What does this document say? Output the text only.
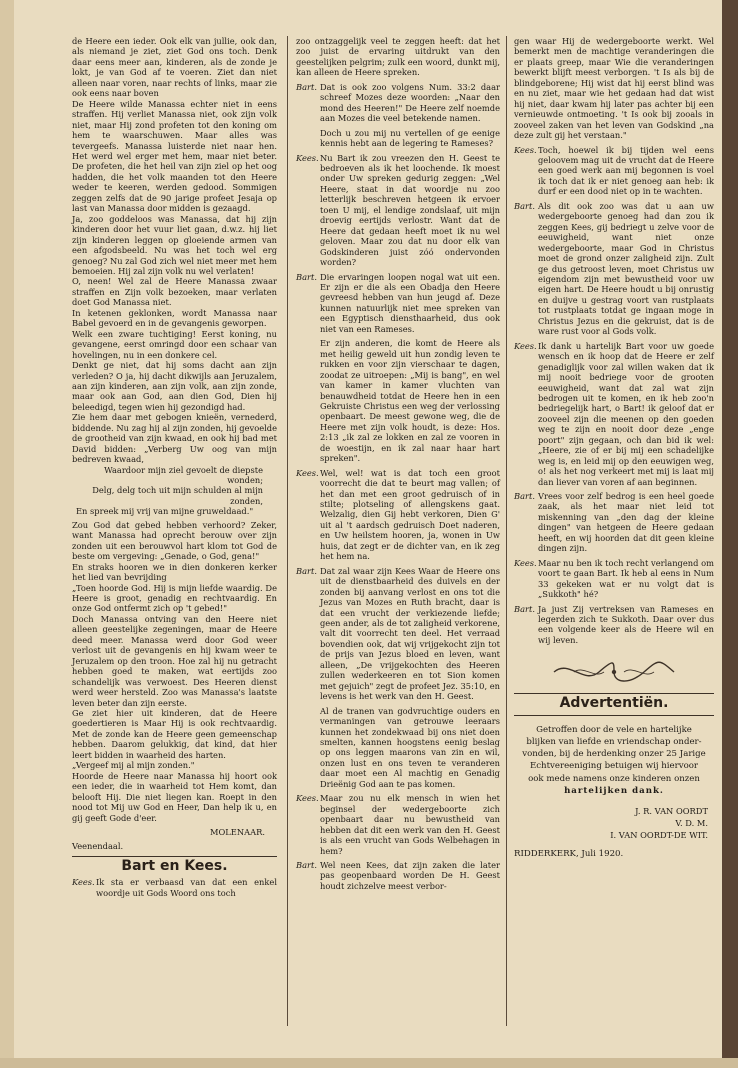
de Heere een ieder. Ook elk van jullie, ook dan, als niemand je ziet, ziet God ons toch. Denk daar eens meer aan, kinderen, als de zonde je lokt, je van God af te voeren. Ziet dan niet alleen naar voren, naar rechts of links, maar zie ook eens naar boven

De Heere wilde Manassa echter niet in eens straffen. Hij verliet Manassa niet, ook zijn volk niet, maar Hij zond profeten tot den koning om hem te waarschuwen. Maar alles was tevergeefs. Manassa luisterde niet naar hen. Het werd wel erger met hem, maar niet beter. De profeten, die het heil van zijn ziel op het oog hadden, die het volk maanden tot den Heere weder te keeren, werden gedood. Sommigen zeggen zelfs dat de 90 jarige profeet Jesaja op last van Manassa door midden is gezaagd.

Ja, zoo goddeloos was Manassa, dat hij zijn kinderen door het vuur liet gaan, d.w.z. hij liet zijn kinderen leggen op gloeiende armen van een afgodsbeeld. Nu was het toch wel erg genoeg? Nu zal God zich wel niet meer met hem bemoeien. Hij zal zijn volk nu wel verlaten!

O, neen! Wel zal de Heere Manassa zwaar straffen en Zijn volk bezoeken, maar verlaten doet God Manassa niet.

In ketenen geklonken, wordt Manassa naar Babel gevoerd en in de gevangenis geworpen.

Welk een zware tuchtiging! Eerst koning, nu gevangene, eerst omringd door een schaar van hovelingen, nu in een donkere cel.

Denkt ge niet, dat hij soms dacht aan zijn verleden? O ja, hij dacht dikwijls aan Jeruzalem, aan zijn kinderen, aan zijn volk, aan zijn zonde, maar ook aan God, aan dien God, Dien hij beleedigd, tegen wien hij gezondigd had.

Zie hem daar met gebogen knieën, vernederd, biddende. Nu zag hij al zijn zonden, hij gevoelde de grootheid van zijn kwaad, en ook hij bad met David bidden: „Verberg Uw oog van mijn bedreven kwaad,

Waardoor mijn ziel gevoelt de diepste wonden;

Delg, delg toch uit mijn schulden al mijn zonden,

En spreek mij vrij van mijne gruweldaad."

Zou God dat gebed hebben verhoord? Zeker, want Manassa had oprecht berouw over zijn zonden uit een berouwvol hart klom tot God de beste om vergeving: „Genade, o God, gena!"

En straks hooren we in dien donkeren kerker het lied van bevrijding

„Toen hoorde God. Hij is mijn liefde waardig. De Heere is groot, genadig en rechtvaardig. En onze God ontfermt zich op 't gebed!"

Doch Manassa ontving van den Heere niet alleen geestelijke zegeningen, maar de Heere deed meer. Manassa werd door God weer verlost uit de gevangenis en hij kwam weer te Jeruzalem op den troon. Hoe zal hij nu getracht hebben goed te maken, wat eertijds zoo schandelijk was verwoest. Des Heeren dienst werd weer hersteld. Zoo was Manassa's laatste leven beter dan zijn eerste.

Ge ziet hier uit kinderen, dat de Heere goedertieren is Maar Hij is ook rechtvaardig. Met de zonde kan de Heere geen gemeenschap hebben. Daarom gelukkig, dat kind, dat hier leert bidden in waarheid des harten.

„Vergeef mij al mijn zonden."

Hoorde de Heere naar Manassa hij hoort ook een ieder, die in waarheid tot Hem komt, dan belooft Hij. Die niet liegen kan. Roept in den nood tot Mij uw God en Heer, Dan help ik u, en gij geeft Gode d'eer.

MOLENAAR.

Veenendaal.

Bart en Kees.
Kees. Ik sta er verbaasd van dat een enkel woordje uit Gods Woord ons toch

zoo ontzaggelijk veel te zeggen heeft: dat het zoo juist de ervaring uitdrukt van den geestelijken pelgrim; zulk een woord, dunkt mij, kan alleen de Heere spreken.

Bart. Dat is ook zoo volgens Num. 33:2 daar schreef Mozes deze woorden: „Naar den mond des Heeren!" De Heere zelf noemde aan Mozes die veel betekende namen.
Doch u zou mij nu vertellen of ge eenige kennis hebt aan de legering te Rameses?
Kees. Nu Bart ik zou vreezen den H. Geest te bedroeven als ik het loochende. Ik moest onder Uw spreken gedurig zeggen: „Wel Heere, staat in dat woordje nu zoo letterlijk beschreven hetgeen ik ervoer toen U mij, el lendige zondslaaf, uit mijn droevig eertijds verlostr. Want dat de Heere dat gedaan heeft moet ik nu wel geloven. Maar zou dat nu door elk van Godskinderen juist zóó ondervonden worden?
Bart. Die ervaringen loopen nogal wat uit een. Er zijn er die als een Obadja den Heere gevreesd hebben van hun jeugd af. Deze kunnen natuurlijk niet mee spreken van een Egyptisch diensthaarheid, dus ook niet van een Rameses.
Er zijn anderen, die komt de Heere als met heilig geweld uit hun zondig leven te rukken en voor zijn vierschaar te dagen, zoodat ze uitroepen: „Mij is bang", en wel van kamer in kamer vluchten van benauwdheid totdat de Heere hen in een Gekruiste Christus een weg der verlossing openbaart. De meest gewone weg, die de Heere met zijn volk houdt, is deze: Hos. 2:13 „ik zal ze lokken en zal ze vooren in de woestijn, en ik zal naar haar hart spreken".
Kees. Wel, wel! wat is dat toch een groot voorrecht die dat te beurt mag vallen; of het dan met een groot gedruisch of in stilte; plotseling of allengskens gaat. Welzalig, dien Gij hebt verkoren, Dien G' uit al 't aardsch gedruisch Doet naderen, en Uw heilstem hooren, ja, wonen in Uw huis, dat zegt er de dichter van, en ik zeg het hem na.
Bart. Dat zal waar zijn Kees Waar de Heere ons uit de dienstbaarheid des duivels en der zonden bij aanvang verlost en ons tot die Jezus van Mozes en Ruth bracht, daar is dat een vrucht der verkiezende liefde; geen ander, als de tot zaligheid verkorene, valt dit voorrecht ten deel. Het verraad bovendien ook, dat wij vrijgekocht zijn tot de prijs van Jezus bloed en leven, want alleen, „De vrijgekochten des Heeren zullen wederkeeren en tot Sion komen met gejuich" zegt de profeet Jez. 35:10, en levens is het werk van den H. Geest.
Al de tranen van godvruchtige ouders en vermaningen van getrouwe leeraars kunnen het zondekwaad bij ons niet doen smelten, kannen hoogstens eenig beslag op ons leggen maarons van zin en wil, onzen lust en ons teven te veranderen daar moet een Al machtig en Genadig Drieënig God aan te pas komen.
Kees. Maar zou nu elk mensch in wien het beginsel der wedergeboorte zich openbaart daar nu bewustheid van hebben dat dit een werk van den H. Geest is als een vrucht van Gods Welbehagen in hem?
Bart. Wel neen Kees, dat zijn zaken die later pas geopenbaard worden De H. Geest houdt zichzelve meest verbor-

gen waar Hij de wedergeboorte werkt. Wel bemerkt men de machtige veranderingen die er plaats greep, maar Wie die veranderingen bewerkt blijft meest verborgen. 't Is als bij de blindgeborene; Hij wist dat hij eerst blind was en nu ziet, maar wie het gedaan had dat wist hij niet, daar kwam hij later pas achter bij een vernieuwde ontmoeting. 't Is ook bij zooals in zooveel zaken van het leven van Godskind „na deze zult gij het verstaan."

Kees. Toch, hoewel ik bij tijden wel eens geloovem mag uit de vrucht dat de Heere een goed werk aan mij begonnen is voel ik toch dat ik er niet genoeg aan heb: ik durf er een dood niet op in te wachten.
Bart. Als dit ook zoo was dat u aan uw wedergeboorte genoeg had dan zou ik zeggen Kees, gij bedriegt u zelve voor de eeuwigheid, want niet onze wedergeboorte, maar God in Christus moet de grond onzer zaligheid zijn. Zult ge dus getroost leven, moet Christus uw eigendom zijn met bewustheid voor uw eigen hart. De Heere houdt u bij onrustig en duijve u gestrag voort van rustplaats tot rustplaats totdat ge ingaan moge in Christus Jezus en die gekruist, dat is de ware rust voor al Gods volk.
Kees. Ik dank u hartelijk Bart voor uw goede wensch en ik hoop dat de Heere er zelf genadiglijk voor zal willen waken dat ik mij nooit bedriege voor de grooten eeuwigheid, want dat zal wat zijn bedrogen uit te komen, en ik heb zoo'n bedriegelijk hart, o Bart! ik geloof dat er zooveel zijn die meenen op den goeden weg te zijn en nooit door deze „enge poort" zijn gegaan, och dan bid ik wel: „Heere, zie of er bij mij een schadelijke weg is, en leid mij op den eeuwigen weg, o! als het nog verkeert met mij is laat mij dan liever van voren af aan beginnen.
Bart. Vrees voor zelf bedrog is een heel goede zaak, als het maar niet leid tot miskenning van „den dag der kleine dingen" van hetgeen de Heere gedaan heeft, en wij hoorden dat dit geen kleine dingen zijn.
Kees. Maar nu ben ik toch recht verlangend om voort te gaan Bart. Ik heb al eens in Num 33 gekeken wat er nu volgt dat is „Sukkoth" hé?
Bart. Ja just Zij vertreksen van Rameses en legerden zich te Sukkoth. Daar over dus een volgende keer als de Heere wil en wij leven.
Advertentiën.

Getroffen door de vele en hartelijke

blijken van liefde en vriendschap onder-

vonden, bij de herdenking onzer 25 Jarige

Echtvereeniging betuigen wij hiervoor

ook mede namens onze kinderen onzen

hartelijken dank.

J. R. VAN OORDT

V. D. M.

I. VAN OORDT-DE WIT.

RIDDERKERK, Juli 1920.
